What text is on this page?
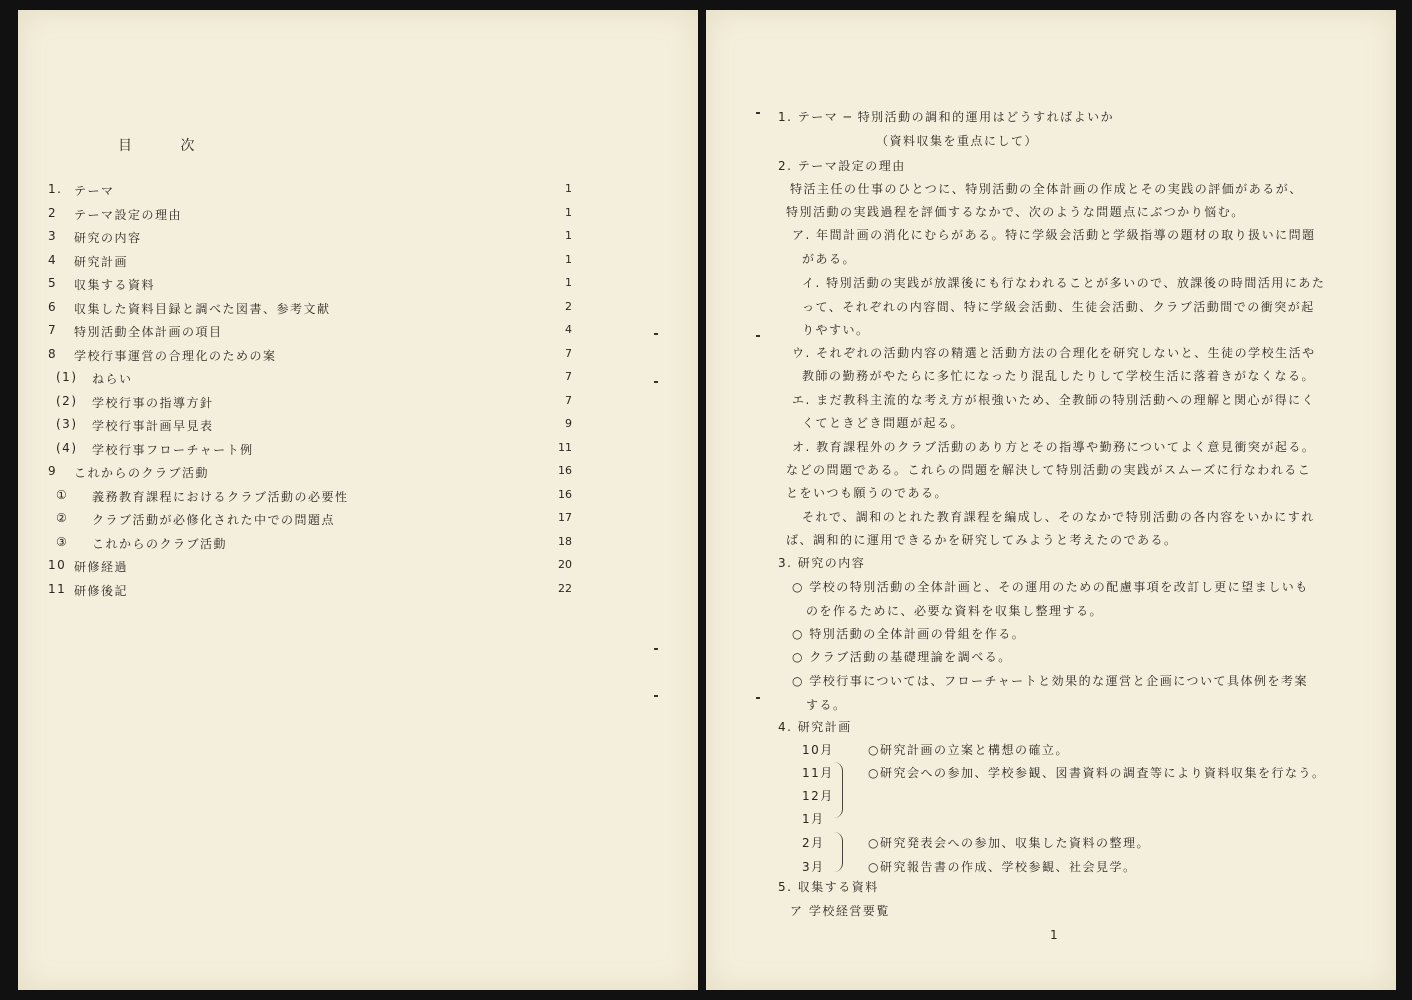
目 次
1. テーマ	1
2 テーマ設定の理由	1
3 研究の内容	1
4 研究計画	1
5 収集する資料	1
6 収集した資料目録と調べた図書、参考文献	2
7 特別活動全体計画の項目	4
8 学校行事運営の合理化のための案	7
(1) ねらい	7
(2) 学校行事の指導方針	7
(3) 学校行事計画早見表	9
(4) 学校行事フローチャート例	11
9 これからのクラブ活動	16
① 義務教育課程におけるクラブ活動の必要性	16
② クラブ活動が必修化された中での問題点	17
③ これからのクラブ活動	18
10 研修経過	20
11 研修後記	22
1. テーマ ─ 特別活動の調和的運用はどうすればよいか
（資料収集を重点にして）
2. テーマ設定の理由
特活主任の仕事のひとつに、特別活動の全体計画の作成とその実践の評価があるが、
特別活動の実践過程を評価するなかで、次のような問題点にぶつかり悩む。
ア. 年間計画の消化にむらがある。特に学級会活動と学級指導の題材の取り扱いに問題
がある。
イ. 特別活動の実践が放課後にも行なわれることが多いので、放課後の時間活用にあた
って、それぞれの内容間、特に学級会活動、生徒会活動、クラブ活動間での衝突が起
りやすい。
ウ. それぞれの活動内容の精選と活動方法の合理化を研究しないと、生徒の学校生活や
教師の勤務がやたらに多忙になったり混乱したりして学校生活に落着きがなくなる。
エ. まだ教科主流的な考え方が根強いため、全教師の特別活動への理解と関心が得にく
くてときどき問題が起る。
オ. 教育課程外のクラブ活動のあり方とその指導や勤務についてよく意見衝突が起る。
などの問題である。これらの問題を解決して特別活動の実践がスムーズに行なわれるこ
とをいつも願うのである。
それで、調和のとれた教育課程を編成し、そのなかで特別活動の各内容をいかにすれ
ば、調和的に運用できるかを研究してみようと考えたのである。
3. 研究の内容
○ 学校の特別活動の全体計画と、その運用のための配慮事項を改訂し更に望ましいも
のを作るために、必要な資料を収集し整理する。
○ 特別活動の全体計画の骨組を作る。
○ クラブ活動の基礎理論を調べる。
○ 学校行事については、フローチャートと効果的な運営と企画について具体例を考案
する。
4. 研究計画
10月	○研究計画の立案と構想の確立。
11月	○研究会への参加、学校参観、図書資料の調査等により資料収集を行なう。
12月
1月
2月	○研究発表会への参加、収集した資料の整理。
3月	○研究報告書の作成、学校参観、社会見学。
5. 収集する資料
ア 学校経営要覧
1
